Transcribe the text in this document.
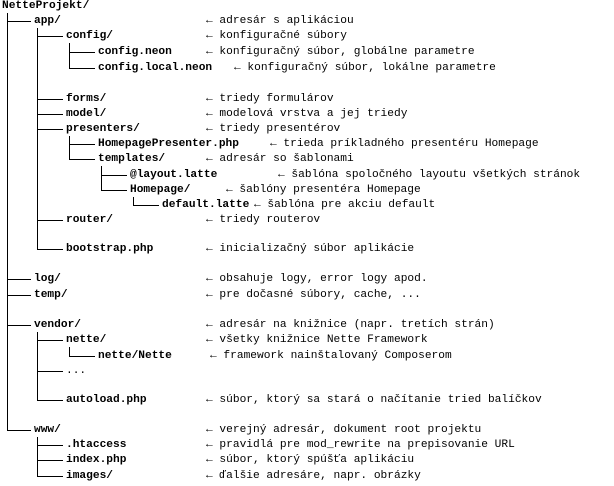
NetteProjekt/
app/	← adresár s aplikáciou
config/	← konfiguračné súbory
config.neon	← konfiguračný súbor, globálne parametre
config.local.neon ← konfiguračný súbor, lokálne parametre
forms/	← triedy formulárov
model/	← modelová vrstva a jej triedy
presenters/	← triedy presentérov
HomepagePresenter.php	← trieda príkladného presentéru Homepage
templates/	← adresár so šablonami
@layout.latte	← šablóna spoločného layoutu všetkých stránok
Homepage/	← šablóny presentéra Homepage
default.latte ← šablóna pre akciu default
router/	← triedy routerov
bootstrap.php	← inicializačný súbor aplikácie
log/	← obsahuje logy, error logy apod.
temp/	← pre dočasné súbory, cache, ...
vendor/	← adresár na knižnice (napr. tretích strán)
nette/	← všetky knižnice Nette Framework
nette/Nette	← framework nainštalovaný Composerom
...
autoload.php	← súbor, ktorý sa stará o načítanie tried balíčkov
www/	← verejný adresár, dokument root projektu
.htaccess	← pravidlá pre mod_rewrite na prepisovanie URL
index.php	← súbor, ktorý spúšťa aplikáciu
images/	← ďalšie adresáre, napr. obrázky
